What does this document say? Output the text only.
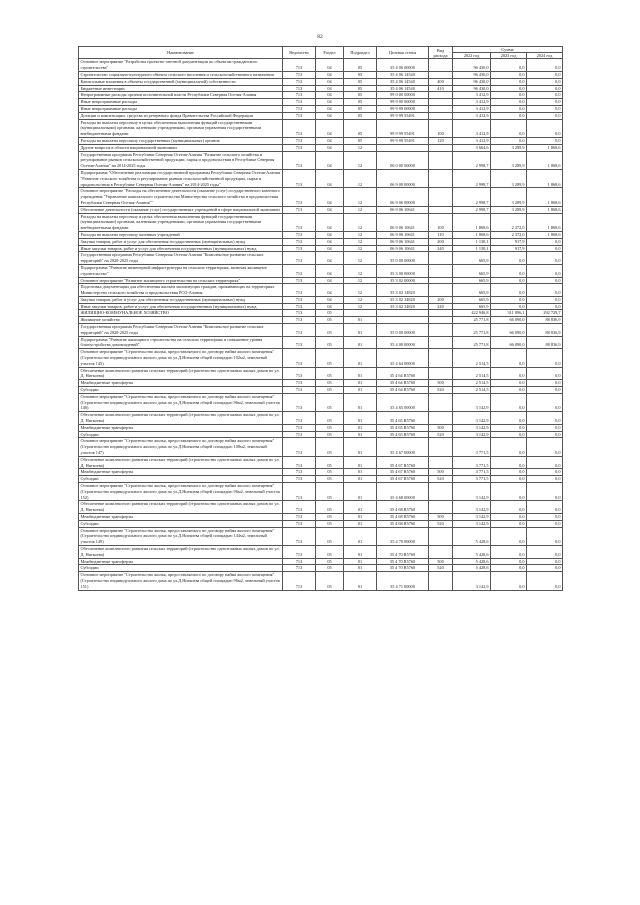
82
Наименование	Ведомство	Раздел	Подраздел	Целевая статья	Вид расхода	Сумма		
						2022 год	2023 год	2024 год
Основное мероприятие "Разработка проектно-сметной документации по объектам гражданского строительства"	713	04	05	35 4 06 00000		96 430,0	0,0	0,0
Строительство социально-культурного объекта сельского населения и сельскохозяйственного назначения	713	04	05	35 4 06 14540		96 430,0	0,0	0,0
Капитальные вложения в объекты государственной (муниципальной) собственности	713	04	05	35 4 06 14540	400	96 430,0	0,0	0,0
Бюджетные инвестиции	713	04	05	35 4 06 14540	410	96 430,0	0,0	0,0
Непрограммные расходы органов исполнительной власти Республики Северная Осетия-Алания	713	04	05	99 0 00 00000		3 412,9	0,0	0,0
Иные непрограммные расходы	713	04	05	99 9 00 00000		3 412,9	0,0	0,0
Иные непрограммные расходы	713	04	05	99 9 99 00000		3 412,9	0,0	0,0
Дотации и компенсации, средства из резервного фонда Правительства Российской Федерации	713	04	05	99 9 99 55491		3 412,9	0,0	0,0
Расходы на выплаты персоналу в целях обеспечения выполнения функций государственными (муниципальными) органами, казенными учреждениями, органами управления государственными внебюджетными фондами	713	04	05	99 9 99 55491	100	3 412,9	0,0	0,0
Расходы на выплаты персоналу государственных (муниципальных) органов	713	04	05	99 9 99 55491	120	3 412,9	0,0	0,0
Другие вопросы в области национальной экономики	713	04	12			3 664,6	3 289,9	1 868,6
Государственная программа Республики Северная Осетия-Алания "Развитие сельского хозяйства и регулирование рынков сельскохозяйственной продукции, сырья и продовольствия в Республике Северная Осетия-Алания" на 2014-2025 годы	713	04	12	06 0 00 00000		2 998,7	3 289,9	1 868,6
Подпрограмма "Обеспечение реализации государственной программы Республики Северная Осетия-Алания "Развитие сельского хозяйства и регулирование рынков сельскохозяйственной продукции, сырья и продовольствия в Республике Северная Осетия-Алания" на 2014-2025 годы"	713	04	12	06 9 00 00000		2 998,7	3 289,9	1 868,6
Основное мероприятие "Расходы на обеспечение деятельности (оказание услуг) государственного казенного учреждения "Управление капитального строительства Министерства сельского хозяйства и продовольствия Республики Северная Осетия-Алания""	713	04	12	06 9 06 00000		2 998,7	3 289,9	1 868,6
Обеспечение деятельности (оказание услуг) государственных учреждений в сфере национальной экономики	713	04	12	06 9 06 10641		2 998,7	3 289,9	1 868,6
Расходы на выплаты персоналу в целях обеспечения выполнения функций государственными (муниципальными) органами, казенными учреждениями, органами управления государственными внебюджетными фондами	713	04	12	06 9 06 10641	100	1 868,6	2 372,0	1 868,6
Расходы на выплаты персоналу казенных учреждений	713	04	12	06 9 06 10641	110	1 868,6	2 372,0	1 868,6
Закупка товаров, работ и услуг для обеспечения государственных (муниципальных) нужд	713	04	12	06 9 06 10641	200	1 130,1	917,9	0,0
Иные закупки товаров, работ и услуг для обеспечения государственных (муниципальных) нужд	713	04	12	06 9 06 10641	240	1 130,1	917,9	0,0
Государственная программа Республики Северная Осетия-Алания "Комплексное развитие сельских территорий" на 2020-2025 годы	713	04	12	35 0 00 00000		665,9	0,0	0,0
Подпрограмма "Развитие инженерной инфраструктуры на сельских территориях, включая жилищное строительство"	713	04	12	35 3 00 00000		665,9	0,0	0,0
Основное мероприятие "Развитие жилищного строительства на сельских территориях"	713	04	12	35 3 02 00000		665,9	0,0	0,0
Подготовка документации для обеспечения жильем малоимущих граждан, проживающих на территориях Министерства сельского хозяйства и продовольствия РСО-Алания	713	04	12	35 3 02 14820		665,9	0,0	0,0
Закупка товаров, работ и услуг для обеспечения государственных (муниципальных) нужд	713	04	12	35 3 02 14820	200	665,9	0,0	0,0
Иные закупки товаров, работ и услуг для обеспечения государственных (муниципальных) нужд	713	04	12	35 3 02 14820	240	665,9	0,0	0,0
ЖИЛИЩНО-КОММУНАЛЬНОЕ ХОЗЯЙСТВО	713	05				422 946,8	311 896,1	292 729,7
Жилищное хозяйство	713	05	01			25 771,8	66 090,0	88 836,9
Государственная программа Республики Северная Осетия-Алания "Комплексное развитие сельских территорий" на 2020-2025 годы	713	05	01	35 0 00 00000		25 771,8	66 090,0	88 836,9
Подпрограмма "Развитие жилищного строительства на сельских территориях и повышение уровня благоустройства домовладений"	713	05	01	35 4 00 00000		25 771,8	66 090,0	88 836,9
Основное мероприятие "Строительство жилья, предоставляемого по договору найма жилого помещения" (Строительство индивидуального жилого дома по ул.Д.Нигкоева общей площадью 102м2, земельный участок 145)	713	05	01	35 4 64 00000		2 514,5	0,0	0,0
Обеспечение комплексного развития сельских территорий (строительство одноэтажных жилых домов по ул. Д. Нигкоева)	713	05	01	35 4 64 R5760		2 514,5	0,0	0,0
Межбюджетные трансферты	713	05	01	35 4 64 R5760	500	2 514,5	0,0	0,0
Субсидии	713	05	01	35 4 64 R5760	520	2 514,5	0,0	0,0
Основное мероприятие "Строительство жилья, предоставляемого по договору найма жилого помещения" (Строительство индивидуального жилого дома по ул.Д.Нигкоева общей площадью 96м2, земельный участок 146)	713	05	01	35 4 65 00000		3 142,9	0,0	0,0
Обеспечение комплексного развития сельских территорий (строительство одноэтажных жилых домов по ул. Д. Нигкоева)	713	05	01	35 4 65 R5760		3 142,9	0,0	0,0
Межбюджетные трансферты	713	05	01	35 4 65 R5760	500	3 142,9	0,0	0,0
Субсидии	713	05	01	35 4 65 R5760	520	3 142,9	0,0	0,0
Основное мероприятие "Строительство жилья, предоставляемого по договору найма жилого помещения" (Строительство индивидуального жилого дома по ул.Д.Нигкоева общей площадью 108м2, земельный участок 147)	713	05	01	35 4 67 00000		3 771,5	0,0	0,0
Обеспечение комплексного развития сельских территорий (строительство одноэтажных жилых домов по ул. Д. Нигкоева)	713	05	01	35 4 67 R5760		3 771,5	0,0	0,0
Межбюджетные трансферты	713	05	01	35 4 67 R5760	500	3 771,5	0,0	0,0
Субсидии	713	05	01	35 4 67 R5760	520	3 771,5	0,0	0,0
Основное мероприятие "Строительство жилья, предоставляемого по договору найма жилого помещения" (Строительство индивидуального жилого дома по ул.Д.Нигкоева общей площадью 96м2, земельный участок 152)	713	05	01	35 4 68 00000		3 142,9	0,0	0,0
Обеспечение комплексного развития сельских территорий (строительство одноэтажных жилых домов по ул. Д. Нигкоева)	713	05	01	35 4 68 R5760		3 142,9	0,0	0,0
Межбюджетные трансферты	713	05	01	35 4 68 R5760	500	3 142,9	0,0	0,0
Субсидии	713	05	01	35 4 68 R5760	520	3 142,9	0,0	0,0
Основное мероприятие "Строительство жилья, предоставляемого по договору найма жилого помещения" (Строительство индивидуального жилого дома по ул.Д.Нигкоева общей площадью 144м2, земельный участок 149)	713	05	01	35 4 70 00000		5 428,6	0,0	0,0
Обеспечение комплексного развития сельских территорий (строительство одноэтажных жилых домов по ул. Д. Нигкоева)	713	05	01	35 4 70 R5760		5 428,6	0,0	0,0
Межбюджетные трансферты	713	05	01	35 4 70 R5760	500	5 428,6	0,0	0,0
Субсидии	713	05	01	35 4 70 R5760	520	5 428,6	0,0	0,0
Основное мероприятие "Строительство жилья, предоставляемого по договору найма жилого помещения" (Строительство индивидуального жилого дома по ул.Д.Нигкоева общей площадью 96м2, земельный участок 151)	713	05	01	35 4 71 00000		3 142,9	0,0	0,0
